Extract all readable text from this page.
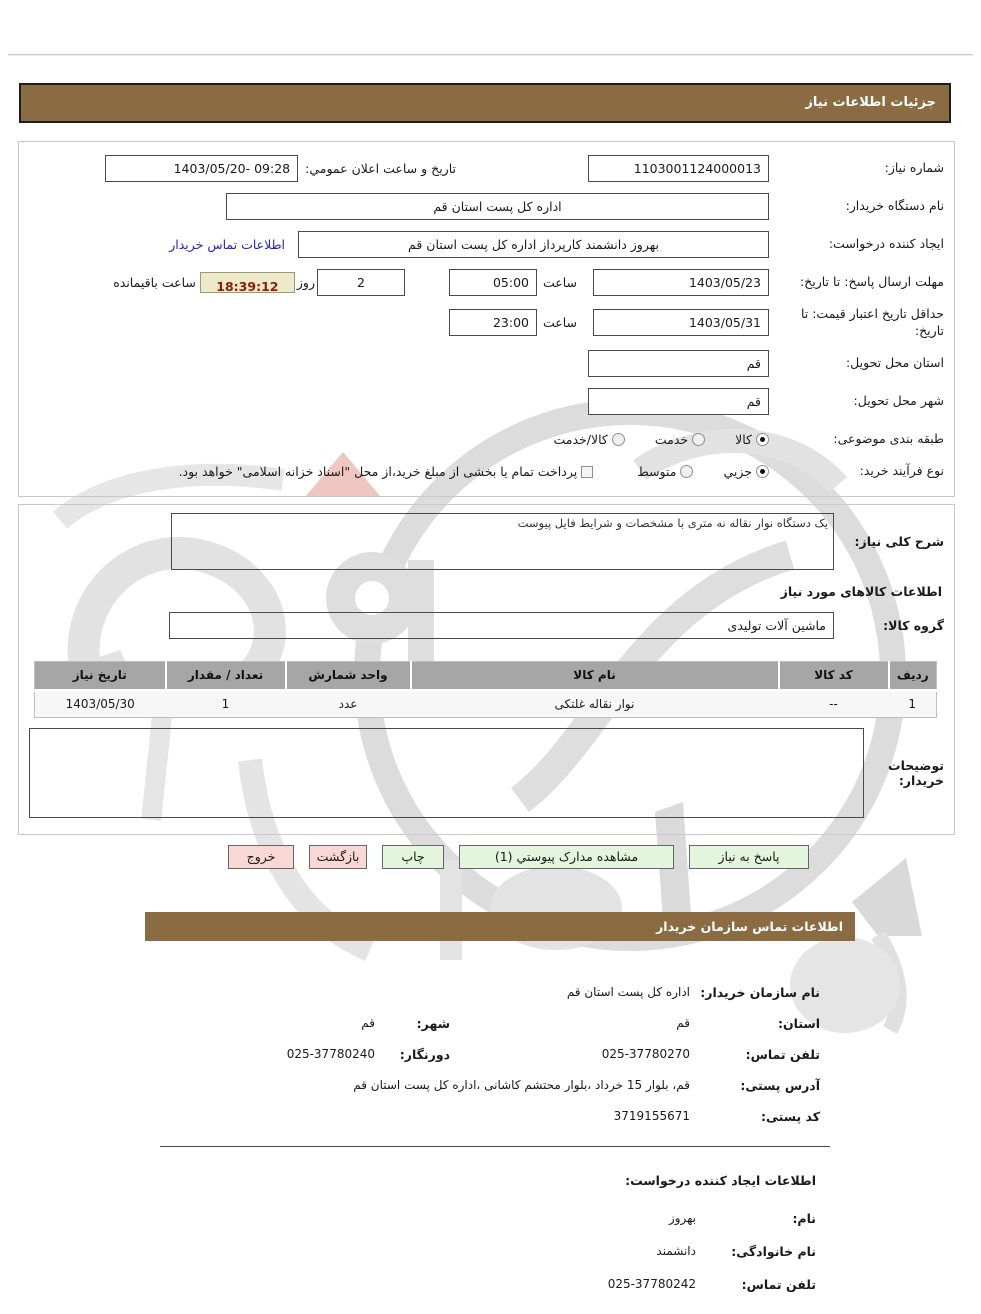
جزئیات اطلاعات نیاز
شماره نیاز:
1103001124000013
تاریخ و ساعت اعلان عمومي:
1403/05/20- 09:28
نام دستگاه خریدار:
اداره کل پست استان قم
ایجاد کننده درخواست:
بهروز دانشمند کارپرداز اداره کل پست استان قم
اطلاعات تماس خریدار
مهلت ارسال پاسخ: تا تاریخ:
1403/05/23
ساعت
05:00
2
روز
18:39:12
ساعت باقیمانده
حداقل تاریخ اعتبار قیمت: تا تاریخ:
1403/05/31
ساعت
23:00
استان محل تحویل:
قم
شهر محل تحویل:
قم
طبقه بندی موضوعی:
کالا
خدمت
کالا/خدمت
نوع فرآیند خرید:
جزيي
متوسط
پرداخت تمام یا بخشی از مبلغ خرید،از محل "اسناد خزانه اسلامی" خواهد بود.
شرح کلی نیاز:
یک دستگاه نوار نقاله نه متری با مشخصات و شرایط فایل پیوست
اطلاعات کالاهای مورد نیاز
گروه کالا:
ماشین آلات تولیدی
ردیف	کد کالا	نام کالا	واحد شمارش	تعداد / مقدار	تاریخ نیاز
1	--	نوار نقاله غلتکی	عدد	1	1403/05/30
توضیحات خریدار:
پاسخ به نیاز
مشاهده مدارک پیوستي (1)
چاپ
بازگشت
خروج
اطلاعات تماس سازمان خریدار
نام سازمان خریدار:
اداره کل پست استان قم
استان:
قم
شهر:
قم
تلفن تماس:
025-37780270
دورنگار:
025-37780240
آدرس پستی:
قم، بلوار 15 خرداد ،بلوار محتشم کاشانی ،اداره کل پست استان قم
کد پستی:
3719155671
اطلاعات ایجاد کننده درخواست:
نام:
بهروز
نام خانوادگی:
دانشمند
تلفن تماس:
025-37780242
